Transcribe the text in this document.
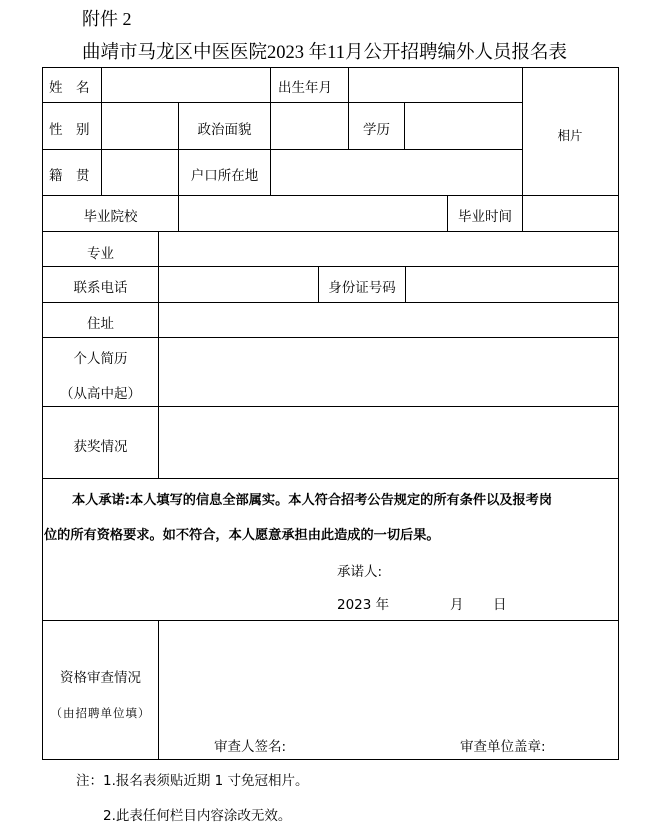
附件 2
曲靖市马龙区中医医院2023 年11月公开招聘编外人员报名表
姓　名	出生年月
相片
性　别	政治面貌	学历
籍　贯	户口所在地
毕业院校	毕业时间
专业
联系电话	身份证号码
住址
个人简历
（从高中起）
获奖情况
本人承诺:本人填写的信息全部属实。本人符合招考公告规定的所有条件以及报考岗
位的所有资格要求。如不符合，本人愿意承担由此造成的一切后果。
承诺人:
2023 年	月 日
资格审查情况
（由招聘单位填）
审查人签名:	审查单位盖章:
注：1.报名表须贴近期 1 寸免冠相片。
2.此表任何栏目内容涂改无效。
